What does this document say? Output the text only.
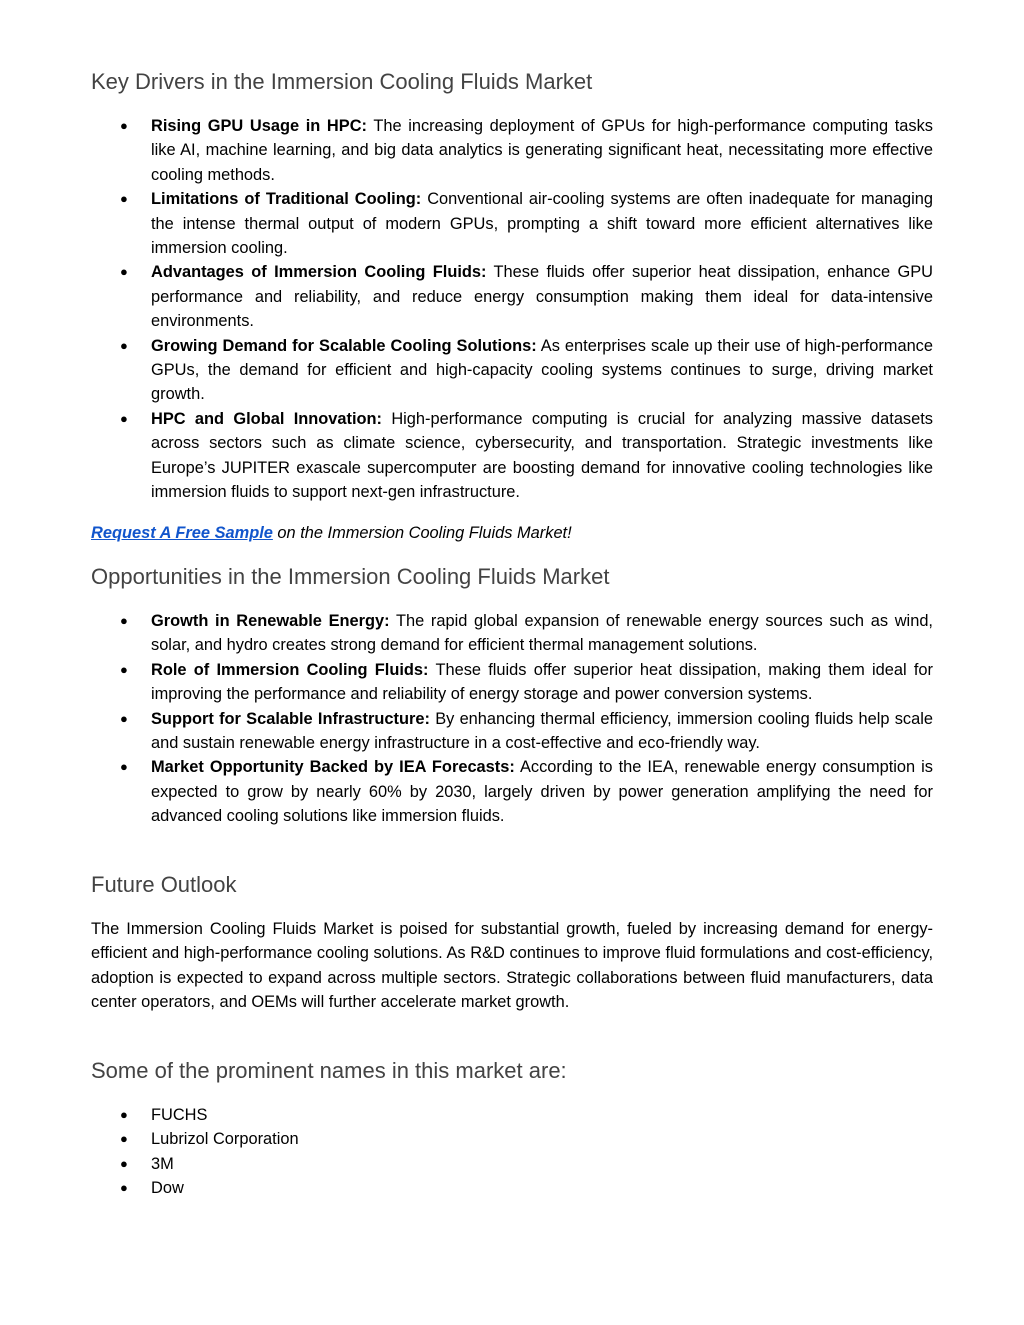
Key Drivers in the Immersion Cooling Fluids Market
●	Rising GPU Usage in HPC: The increasing deployment of GPUs for high-performance computing tasks like AI, machine learning, and big data analytics is generating significant heat, necessitating more effective cooling methods.
●	Limitations of Traditional Cooling: Conventional air-cooling systems are often inadequate for managing the intense thermal output of modern GPUs, prompting a shift toward more efficient alternatives like immersion cooling.
●	Advantages of Immersion Cooling Fluids: These fluids offer superior heat dissipation, enhance GPU performance and reliability, and reduce energy consumption making them ideal for data-intensive environments.
●	Growing Demand for Scalable Cooling Solutions: As enterprises scale up their use of high-performance GPUs, the demand for efficient and high-capacity cooling systems continues to surge, driving market growth.
●	HPC and Global Innovation: High-performance computing is crucial for analyzing massive datasets across sectors such as climate science, cybersecurity, and transportation. Strategic investments like Europe’s JUPITER exascale supercomputer are boosting demand for innovative cooling technologies like immersion fluids to support next-gen infrastructure.
Request A Free Sample on the Immersion Cooling Fluids Market!
Opportunities in the Immersion Cooling Fluids Market
●	Growth in Renewable Energy: The rapid global expansion of renewable energy sources such as wind, solar, and hydro creates strong demand for efficient thermal management solutions.
●	Role of Immersion Cooling Fluids: These fluids offer superior heat dissipation, making them ideal for improving the performance and reliability of energy storage and power conversion systems.
●	Support for Scalable Infrastructure: By enhancing thermal efficiency, immersion cooling fluids help scale and sustain renewable energy infrastructure in a cost-effective and eco-friendly way.
●	Market Opportunity Backed by IEA Forecasts: According to the IEA, renewable energy consumption is expected to grow by nearly 60% by 2030, largely driven by power generation amplifying the need for advanced cooling solutions like immersion fluids.
Future Outlook

The Immersion Cooling Fluids Market is poised for substantial growth, fueled by increasing demand for energy-efficient and high-performance cooling solutions. As R&D continues to improve fluid formulations and cost-efficiency, adoption is expected to expand across multiple sectors. Strategic collaborations between fluid manufacturers, data center operators, and OEMs will further accelerate market growth.

Some of the prominent names in this market are:
●	FUCHS
●	Lubrizol Corporation
●	3M
●	Dow
